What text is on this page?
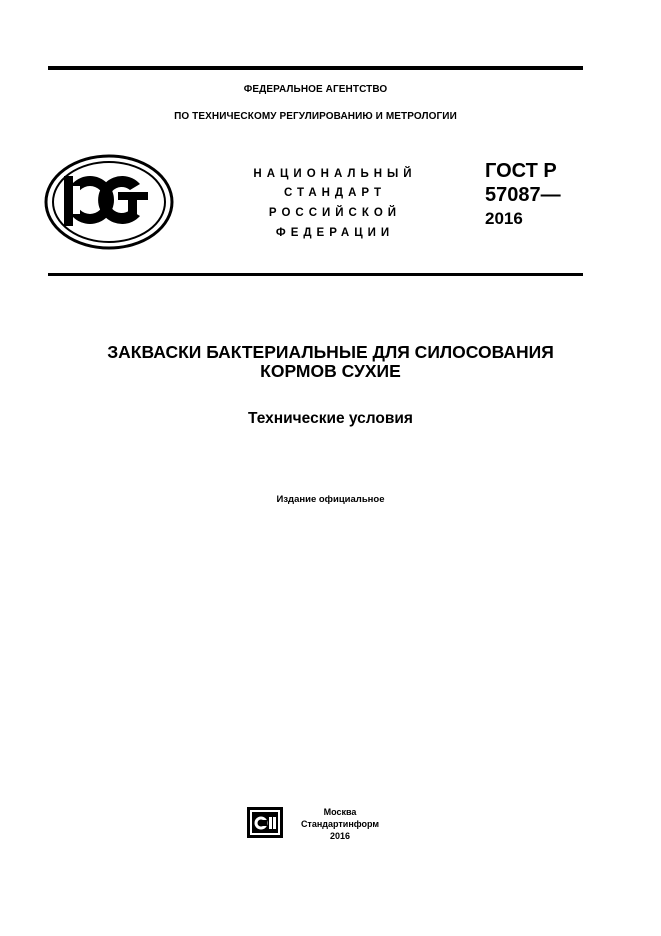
ФЕДЕРАЛЬНОЕ АГЕНТСТВО
ПО ТЕХНИЧЕСКОМУ РЕГУЛИРОВАНИЮ И МЕТРОЛОГИИ
НАЦИОНАЛЬНЫЙ
СТАНДАРТ
РОССИЙСКОЙ
ФЕДЕРАЦИИ
ГОСТ Р
57087—
2016
ЗАКВАСКИ БАКТЕРИАЛЬНЫЕ ДЛЯ СИЛОСОВАНИЯ
КОРМОВ СУХИЕ
Технические условия
Издание официальное
Москва
Стандартинформ
2016
